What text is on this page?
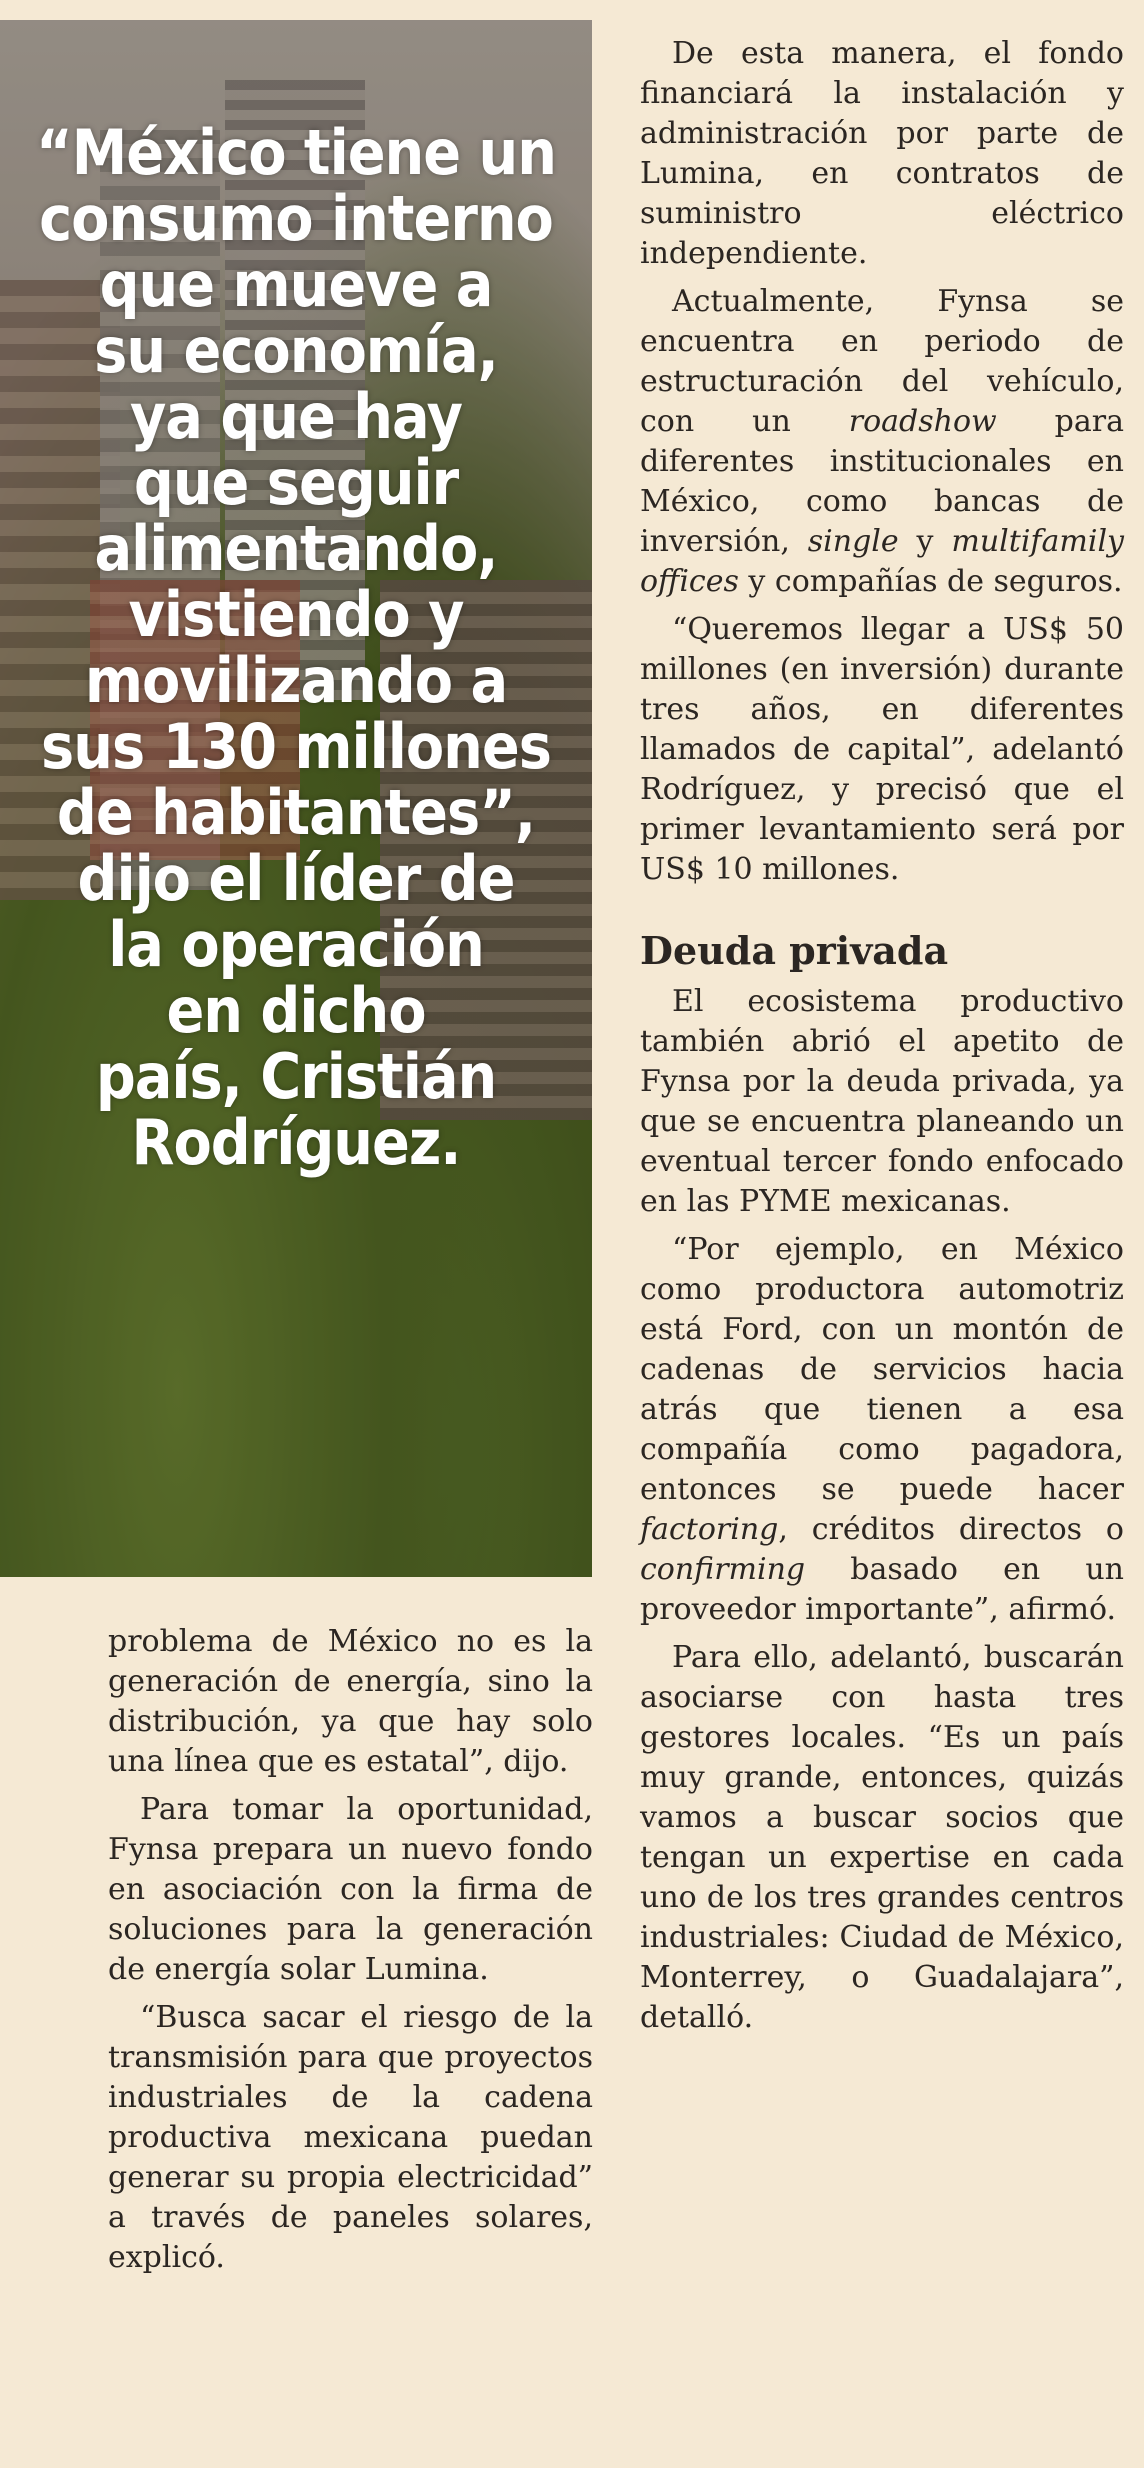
“México tiene un
consumo interno
que mueve a
su economía,
ya que hay
que seguir
alimentando,
vistiendo y
movilizando a
sus 130 millones
de habitantes”,
dijo el líder de
la operación
en dicho
país, Cristián
Rodríguez.

problema de México no es la generación de energía, sino la distribución, ya que hay solo una línea que es estatal”, dijo.

Para tomar la oportunidad, Fynsa prepara un nuevo fondo en asociación con la firma de soluciones para la generación de energía solar Lumina.

“Busca sacar el riesgo de la transmisión para que proyectos industriales de la cadena productiva mexicana puedan generar su propia electricidad” a través de paneles solares, explicó.

De esta manera, el fondo financiará la instalación y administración por parte de Lumina, en contratos de suministro eléctrico independiente.

Actualmente, Fynsa se encuentra en periodo de estructuración del vehículo, con un roadshow para diferentes institucionales en México, como bancas de inversión, single y multifamily offices y compañías de seguros.

“Queremos llegar a US$ 50 millones (en inversión) durante tres años, en diferentes llamados de capital”, adelantó Rodríguez, y precisó que el primer levantamiento será por US$ 10 millones.

Deuda privada

El ecosistema productivo también abrió el apetito de Fynsa por la deuda privada, ya que se encuentra planeando un eventual tercer fondo enfocado en las PYME mexicanas.

“Por ejemplo, en México como productora automotriz está Ford, con un montón de cadenas de servicios hacia atrás que tienen a esa compañía como pagadora, entonces se puede hacer factoring, créditos directos o confirming basado en un proveedor importante”, afirmó.

Para ello, adelantó, buscarán asociarse con hasta tres gestores locales. “Es un país muy grande, entonces, quizás vamos a buscar socios que tengan un expertise en cada uno de los tres grandes centros industriales: Ciudad de México, Monterrey, o Guadalajara”, detalló.
